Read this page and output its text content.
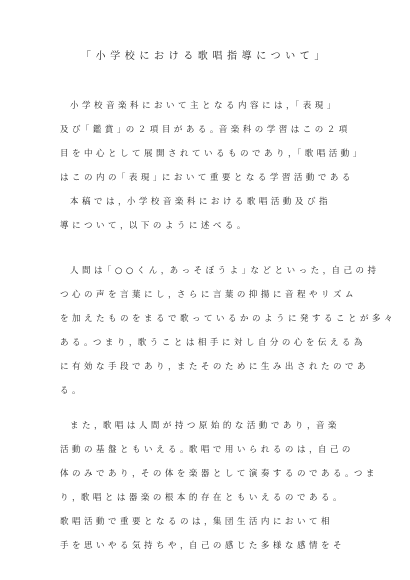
「小学校における歌唱指導について」
小 学 校 音 楽 科 に お い て 主 と な る 内 容 に は ，「 表 現 」
及 び「 鑑 賞 」の ２ 項 目 が あ る 。音 楽 科 の 学 習 は こ の ２ 項
目 を 中 心 と し て 展 開 さ れ て い る も の で あ り ，「 歌 唱 活 動 」
は こ の 内 の「 表 現 」に お い て 重 要 と な る 学 習 活 動 で あ る
本 稿 で は ，小 学 校 音 楽 科 に お け る 歌 唱 活 動 及 び 指
導 に つ い て ，以 下 の よ う に 述 べ る 。
人 間 は「 ○ ○ く ん ，あ っ そ ぼ う よ 」な ど と い っ た ，自 己 の 持
つ 心 の 声 を 言 葉 に し ，さ ら に 言 葉 の 抑 揚 に 音 程 や リ ズ ム
を 加 え た も の を ま る で 歌 っ て い る か の よ う に 発 す る こ と が 多 々
あ る 。つ ま り ，歌 う こ と は 相 手 に 対 し 自 分 の 心 を 伝 え る 為
に 有 効 な 手 段 で あ り ，ま た そ の た め に 生 み 出 さ れ た の で あ
る 。
ま た ，歌 唱 は 人 間 が 持 つ 原 始 的 な 活 動 で あ り ，音 楽
活 動 の 基 盤 と も い え る 。歌 唱 で 用 い ら れ る の は ，自 己 の
体 の み で あ り ，そ の 体 を 楽 器 と し て 演 奏 す る の で あ る 。つ ま
り ，歌 唱 と は 器 楽 の 根 本 的 存 在 と も い え る の で あ る 。
歌 唱 活 動 で 重 要 と な る の は ，集 団 生 活 内 に お い て 相
手 を 思 い や る 気 持 ち や ，自 己 の 感 じ た 多 様 な 感 情 を そ
